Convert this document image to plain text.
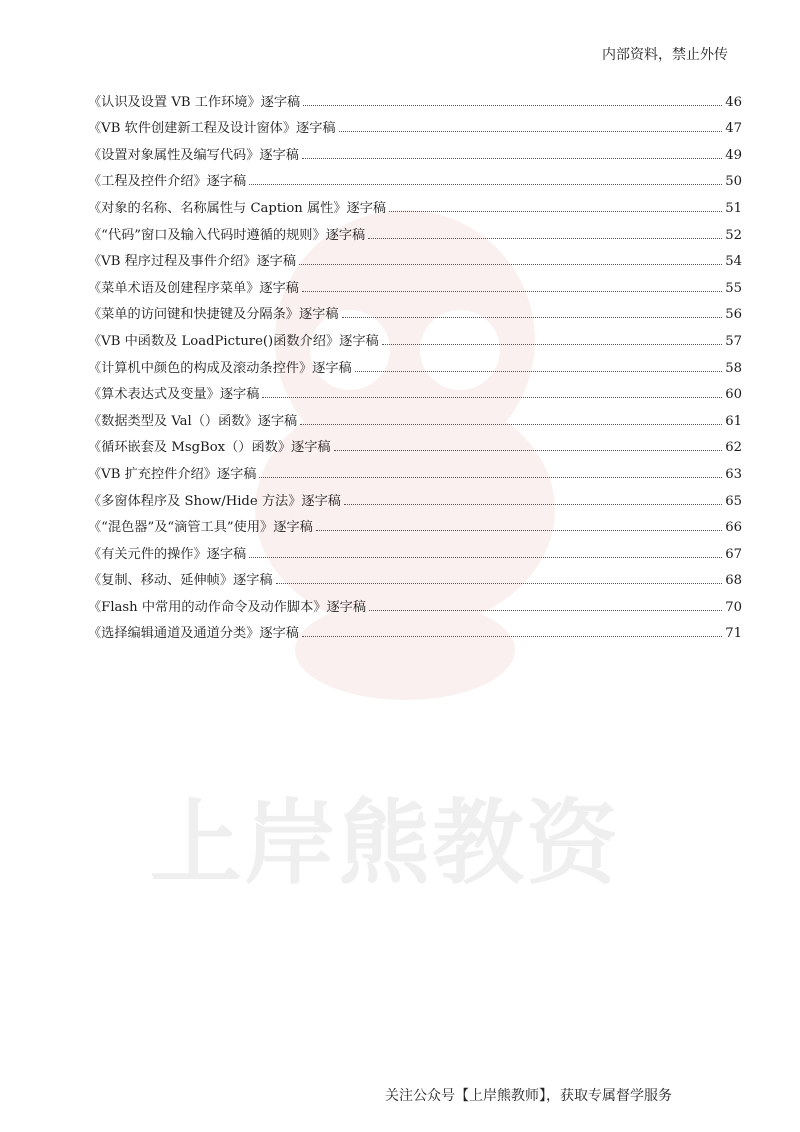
内部资料，禁止外传
上岸熊教资
《认识及设置 VB 工作环境》逐字稿	46
《VB 软件创建新工程及设计窗体》逐字稿	47
《设置对象属性及编写代码》逐字稿	49
《工程及控件介绍》逐字稿	50
《对象的名称、名称属性与 Caption 属性》逐字稿	51
《“代码”窗口及输入代码时遵循的规则》逐字稿	52
《VB 程序过程及事件介绍》逐字稿	54
《菜单术语及创建程序菜单》逐字稿	55
《菜单的访问键和快捷键及分隔条》逐字稿	56
《VB 中函数及 LoadPicture()函数介绍》逐字稿	57
《计算机中颜色的构成及滚动条控件》逐字稿	58
《算术表达式及变量》逐字稿	60
《数据类型及 Val（）函数》逐字稿	61
《循环嵌套及 MsgBox（）函数》逐字稿	62
《VB 扩充控件介绍》逐字稿	63
《多窗体程序及 Show/Hide 方法》逐字稿	65
《“混色器”及“滴管工具”使用》逐字稿	66
《有关元件的操作》逐字稿	67
《复制、移动、延伸帧》逐字稿	68
《Flash 中常用的动作命令及动作脚本》逐字稿	70
《选择编辑通道及通道分类》逐字稿	71
关注公众号【上岸熊教师】，获取专属督学服务
